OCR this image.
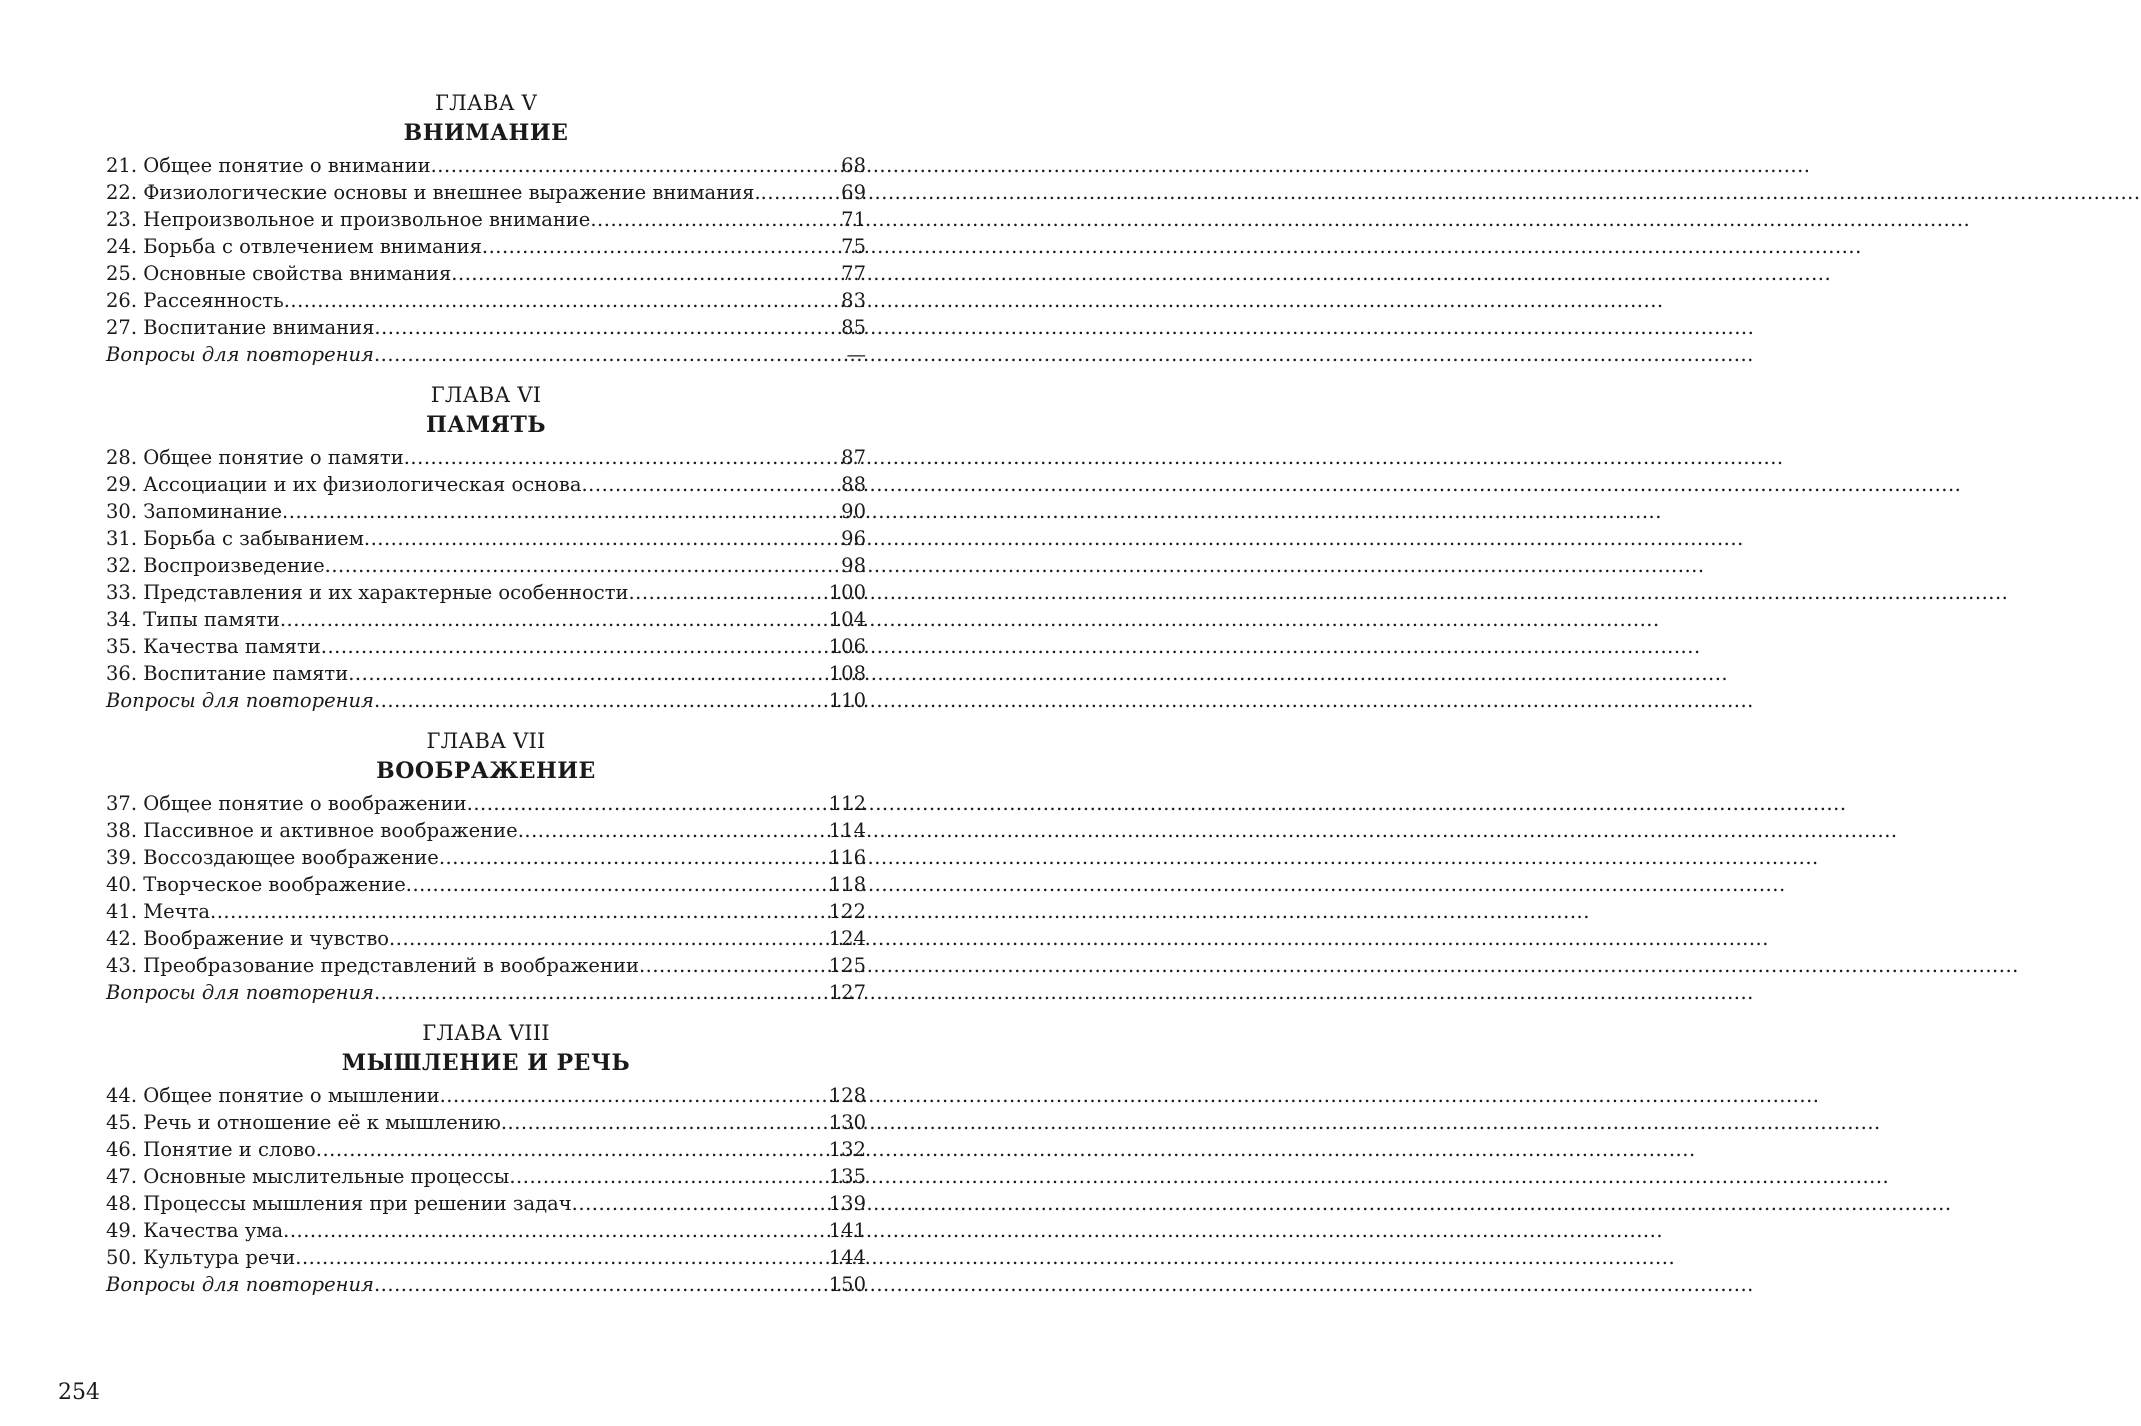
ГЛАВА V
ВНИМАНИЕ
21. Общее понятие о внимании .....	68
22. Физиологические основы и внешнее выражение внимания. .....	69
23. Непроизвольное и произвольное внимание .....	71
24. Борьба с отвлечением внимания .....	75
25. Основные свойства внимания .....	77
26. Рассеянность .....	83
27. Воспитание внимания .....	85
Вопросы для повторения .....	—
ГЛАВА VI
ПАМЯТЬ
28. Общее понятие о памяти .....	87
29. Ассоциации и их физиологическая основа .....	88
30. Запоминание .....	90
31. Борьба с забыванием .....	96
32. Воспроизведение .....	98
33. Представления и их характерные особенности .....	100
34. Типы памяти .....	104
35. Качества памяти .....	106
36. Воспитание памяти .....	108
Вопросы для повторения .....	110
ГЛАВА VII
ВООБРАЖЕНИЕ
37. Общее понятие о воображении .....	112
38. Пассивное и активное воображение .....	114
39. Воссоздающее воображение .....	116
40. Творческое воображение .....	118
41. Мечта .....	122
42. Воображение и чувство .....	124
43. Преобразование представлений в воображении .....	125
Вопросы для повторения .....	127
ГЛАВА VIII
МЫШЛЕНИЕ И РЕЧЬ
44. Общее понятие о мышлении .....	128
45. Речь и отношение её к мышлению .....	130
46. Понятие и слово .....	132
47. Основные мыслительные процессы .....	135
48. Процессы мышления при решении задач .....	139
49. Качества ума .....	141
50. Культура речи .....	144
Вопросы для повторения .....	150
254
